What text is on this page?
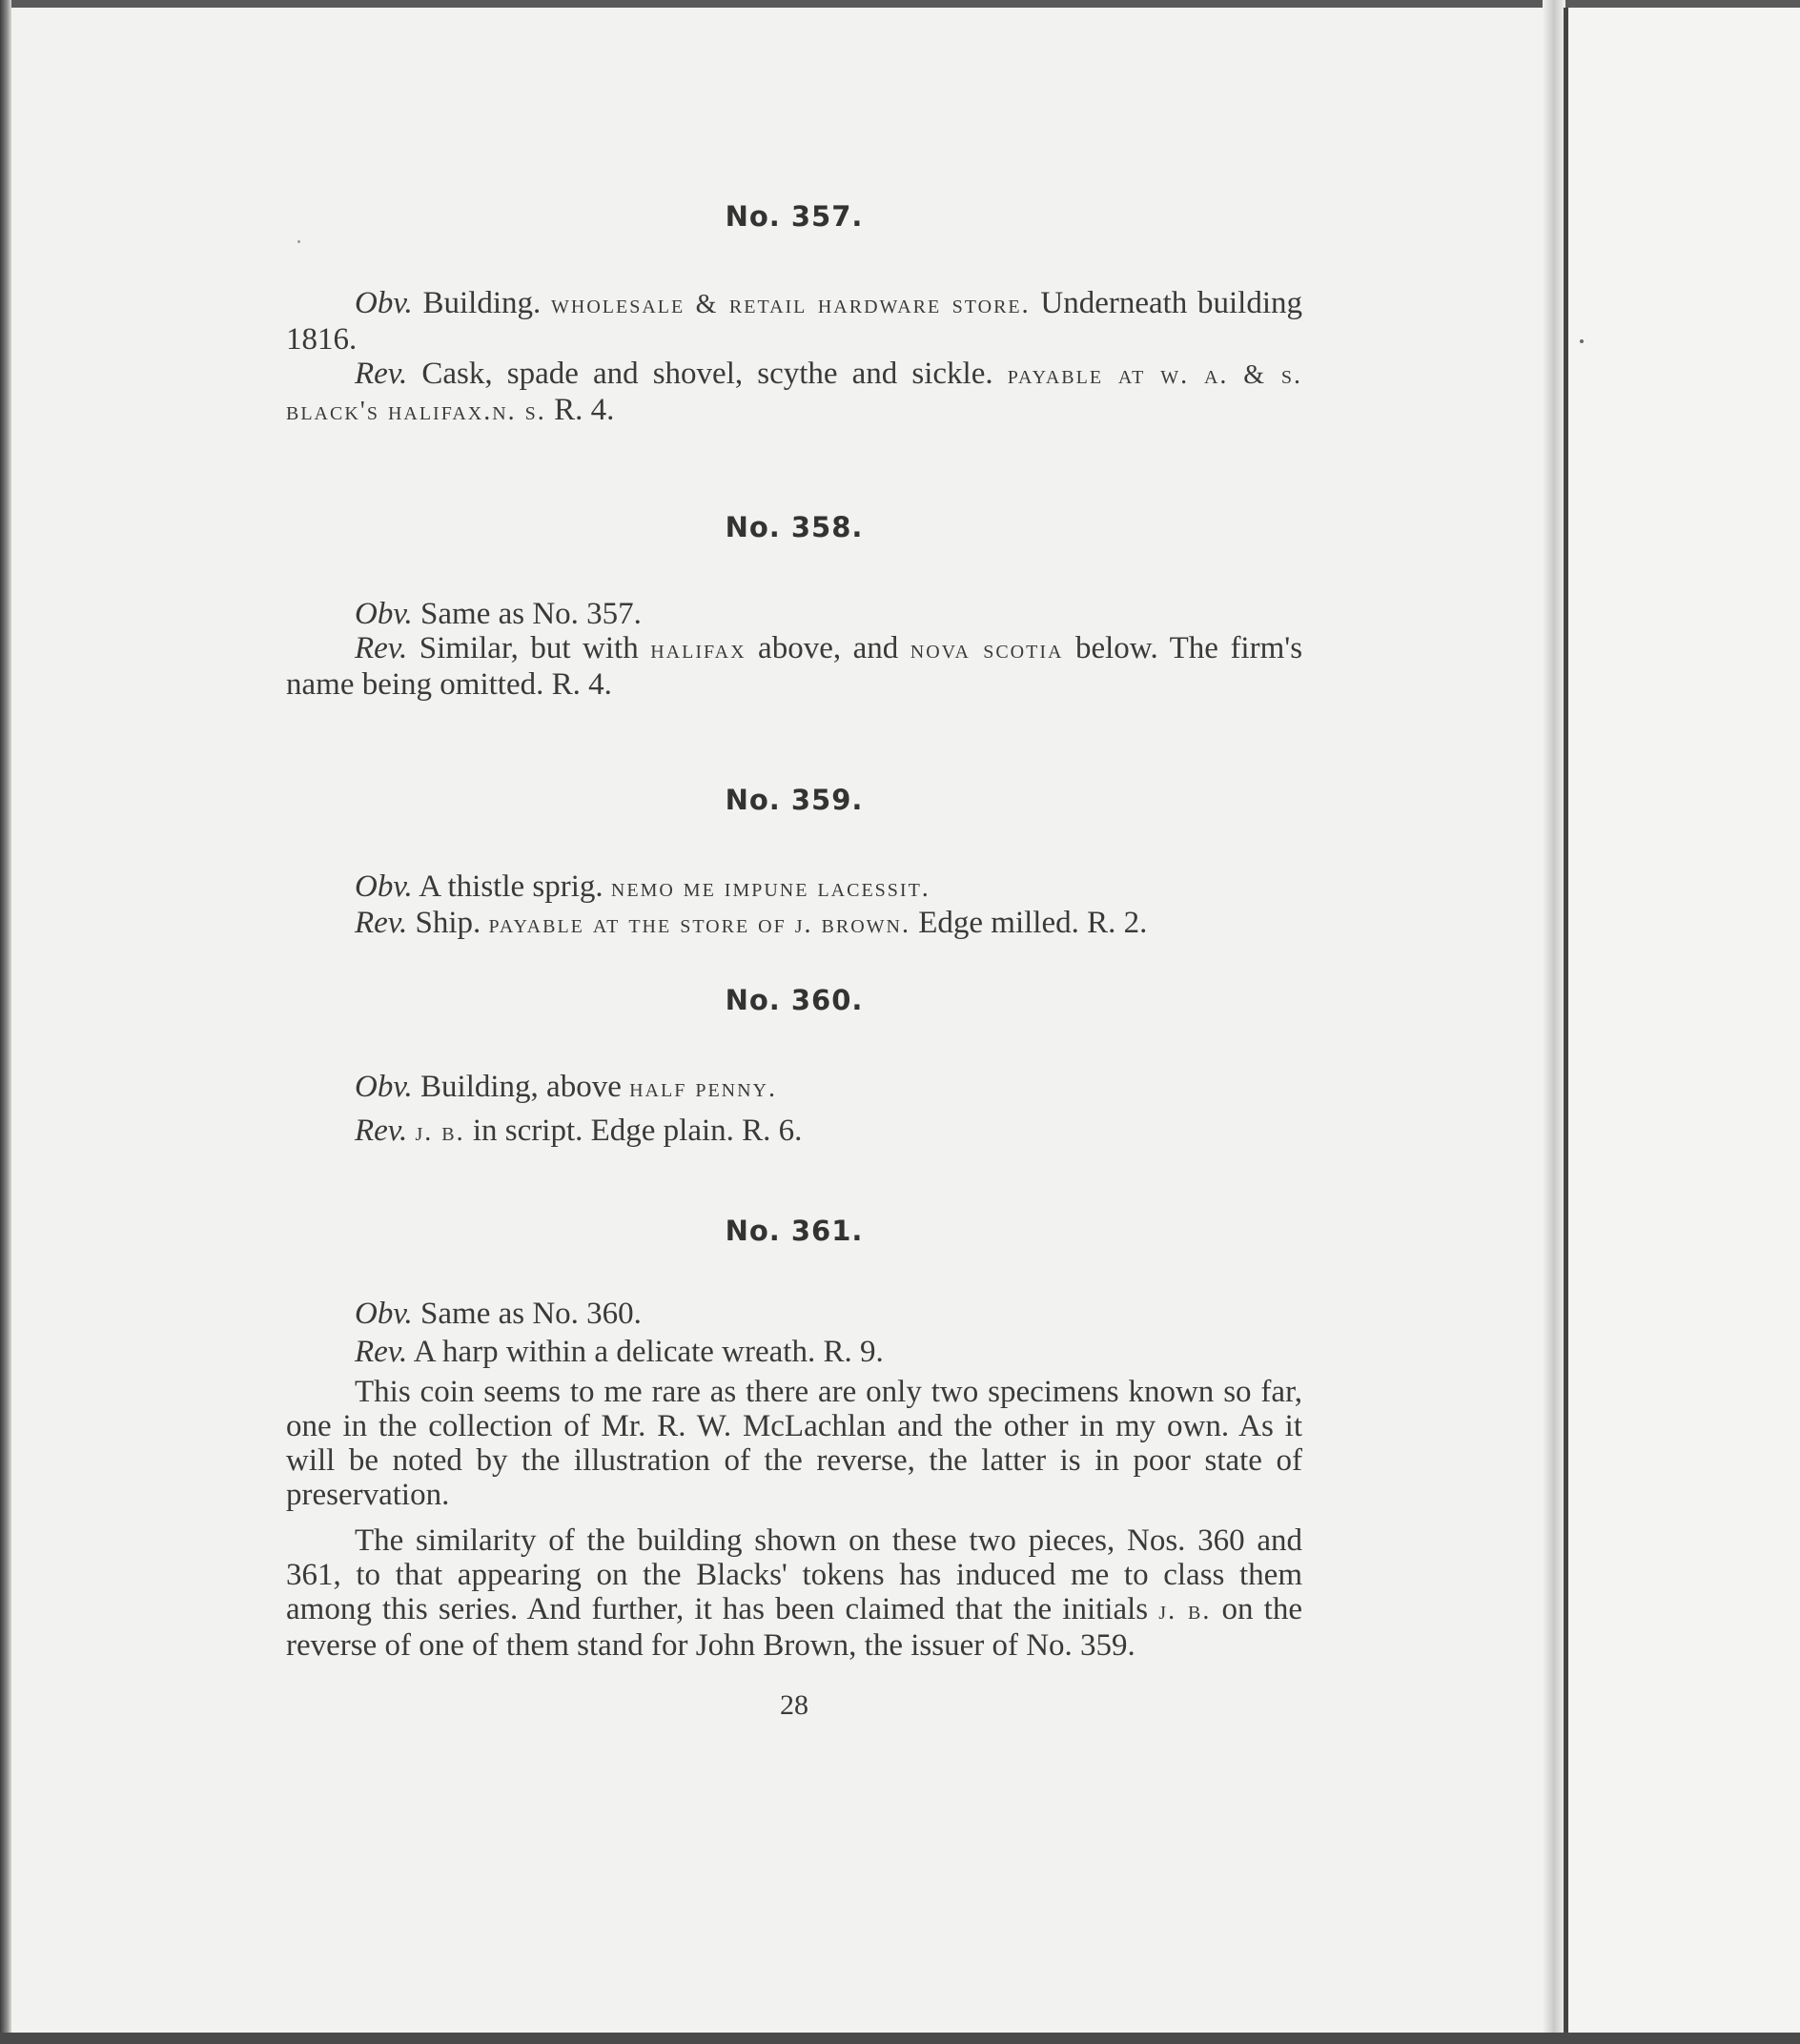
No. 357.

Obv. Building. wholesale & retail hardware store. Underneath building 1816.

Rev. Cask, spade and shovel, scythe and sickle. payable at w. a. & s. black's halifax.n. s. R. 4.

No. 358.

Obv. Same as No. 357.

Rev. Similar, but with halifax above, and nova scotia below. The firm's name being omitted. R. 4.

No. 359.

Obv. A thistle sprig. nemo me impune lacessit.

Rev. Ship. payable at the store of j. brown. Edge milled. R. 2.

No. 360.

Obv. Building, above half penny.

Rev. j. b. in script. Edge plain. R. 6.

No. 361.

Obv. Same as No. 360.

Rev. A harp within a delicate wreath. R. 9.

This coin seems to me rare as there are only two specimens known so far, one in the collection of Mr. R. W. McLachlan and the other in my own. As it will be noted by the illustration of the reverse, the latter is in poor state of preservation.

The similarity of the building shown on these two pieces, Nos. 360 and 361, to that appearing on the Blacks' tokens has induced me to class them among this series. And further, it has been claimed that the initials j. b. on the reverse of one of them stand for John Brown, the issuer of No. 359.

28
